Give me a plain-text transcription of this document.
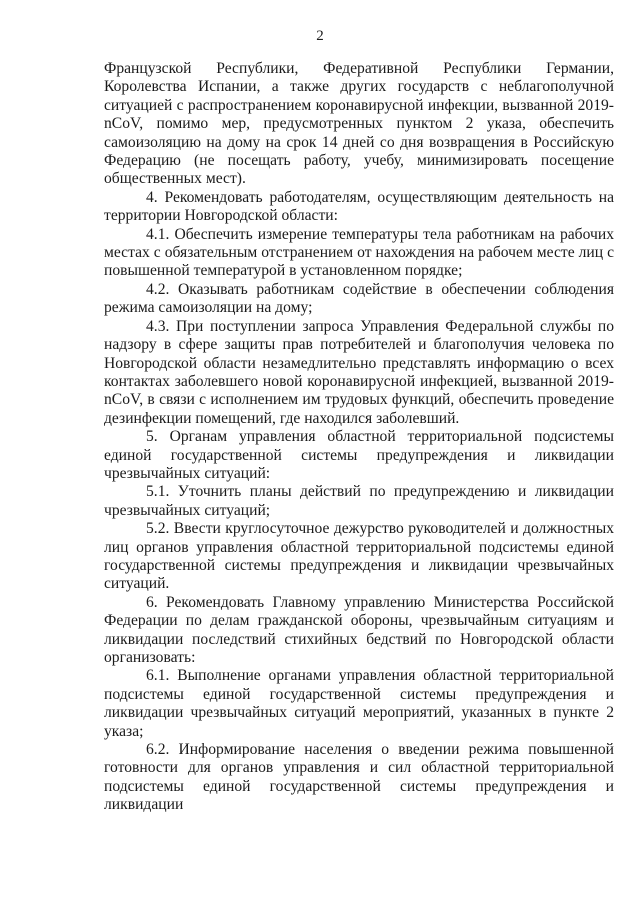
2

Французской Республики, Федеративной Республики Германии, Королевства Испании, а также других государств с неблагополучной ситуацией с распространением коронавирусной инфекции, вызванной 2019-nCoV, помимо мер, предусмотренных пунктом 2 указа, обеспечить самоизоляцию на дому на срок 14 дней со дня возвращения в Российскую Федерацию (не посещать работу, учебу, минимизировать посещение общественных мест).

4. Рекомендовать работодателям, осуществляющим деятельность на территории Новгородской области:

4.1. Обеспечить измерение температуры тела работникам на рабочих местах с обязательным отстранением от нахождения на рабочем месте лиц с повышенной температурой в установленном порядке;

4.2. Оказывать работникам содействие в обеспечении соблюдения режима самоизоляции на дому;

4.3. При поступлении запроса Управления Федеральной службы по надзору в сфере защиты прав потребителей и благополучия человека по Новгородской области незамедлительно представлять информацию о всех контактах заболевшего новой коронавирусной инфекцией, вызванной 2019-nCoV, в связи с исполнением им трудовых функций, обеспечить проведение дезинфекции помещений, где находился заболевший.

5. Органам управления областной территориальной подсистемы единой государственной системы предупреждения и ликвидации чрезвычайных ситуаций:

5.1. Уточнить планы действий по предупреждению и ликвидации чрезвычайных ситуаций;

5.2. Ввести круглосуточное дежурство руководителей и должностных лиц органов управления областной территориальной подсистемы единой государственной системы предупреждения и ликвидации чрезвычайных ситуаций.

6. Рекомендовать Главному управлению Министерства Российской Федерации по делам гражданской обороны, чрезвычайным ситуациям и ликвидации последствий стихийных бедствий по Новгородской области организовать:

6.1. Выполнение органами управления областной территориальной подсистемы единой государственной системы предупреждения и ликвидации чрезвычайных ситуаций мероприятий, указанных в пункте 2 указа;

6.2. Информирование населения о введении режима повышенной готовности для органов управления и сил областной территориальной подсистемы единой государственной системы предупреждения и ликвидации
